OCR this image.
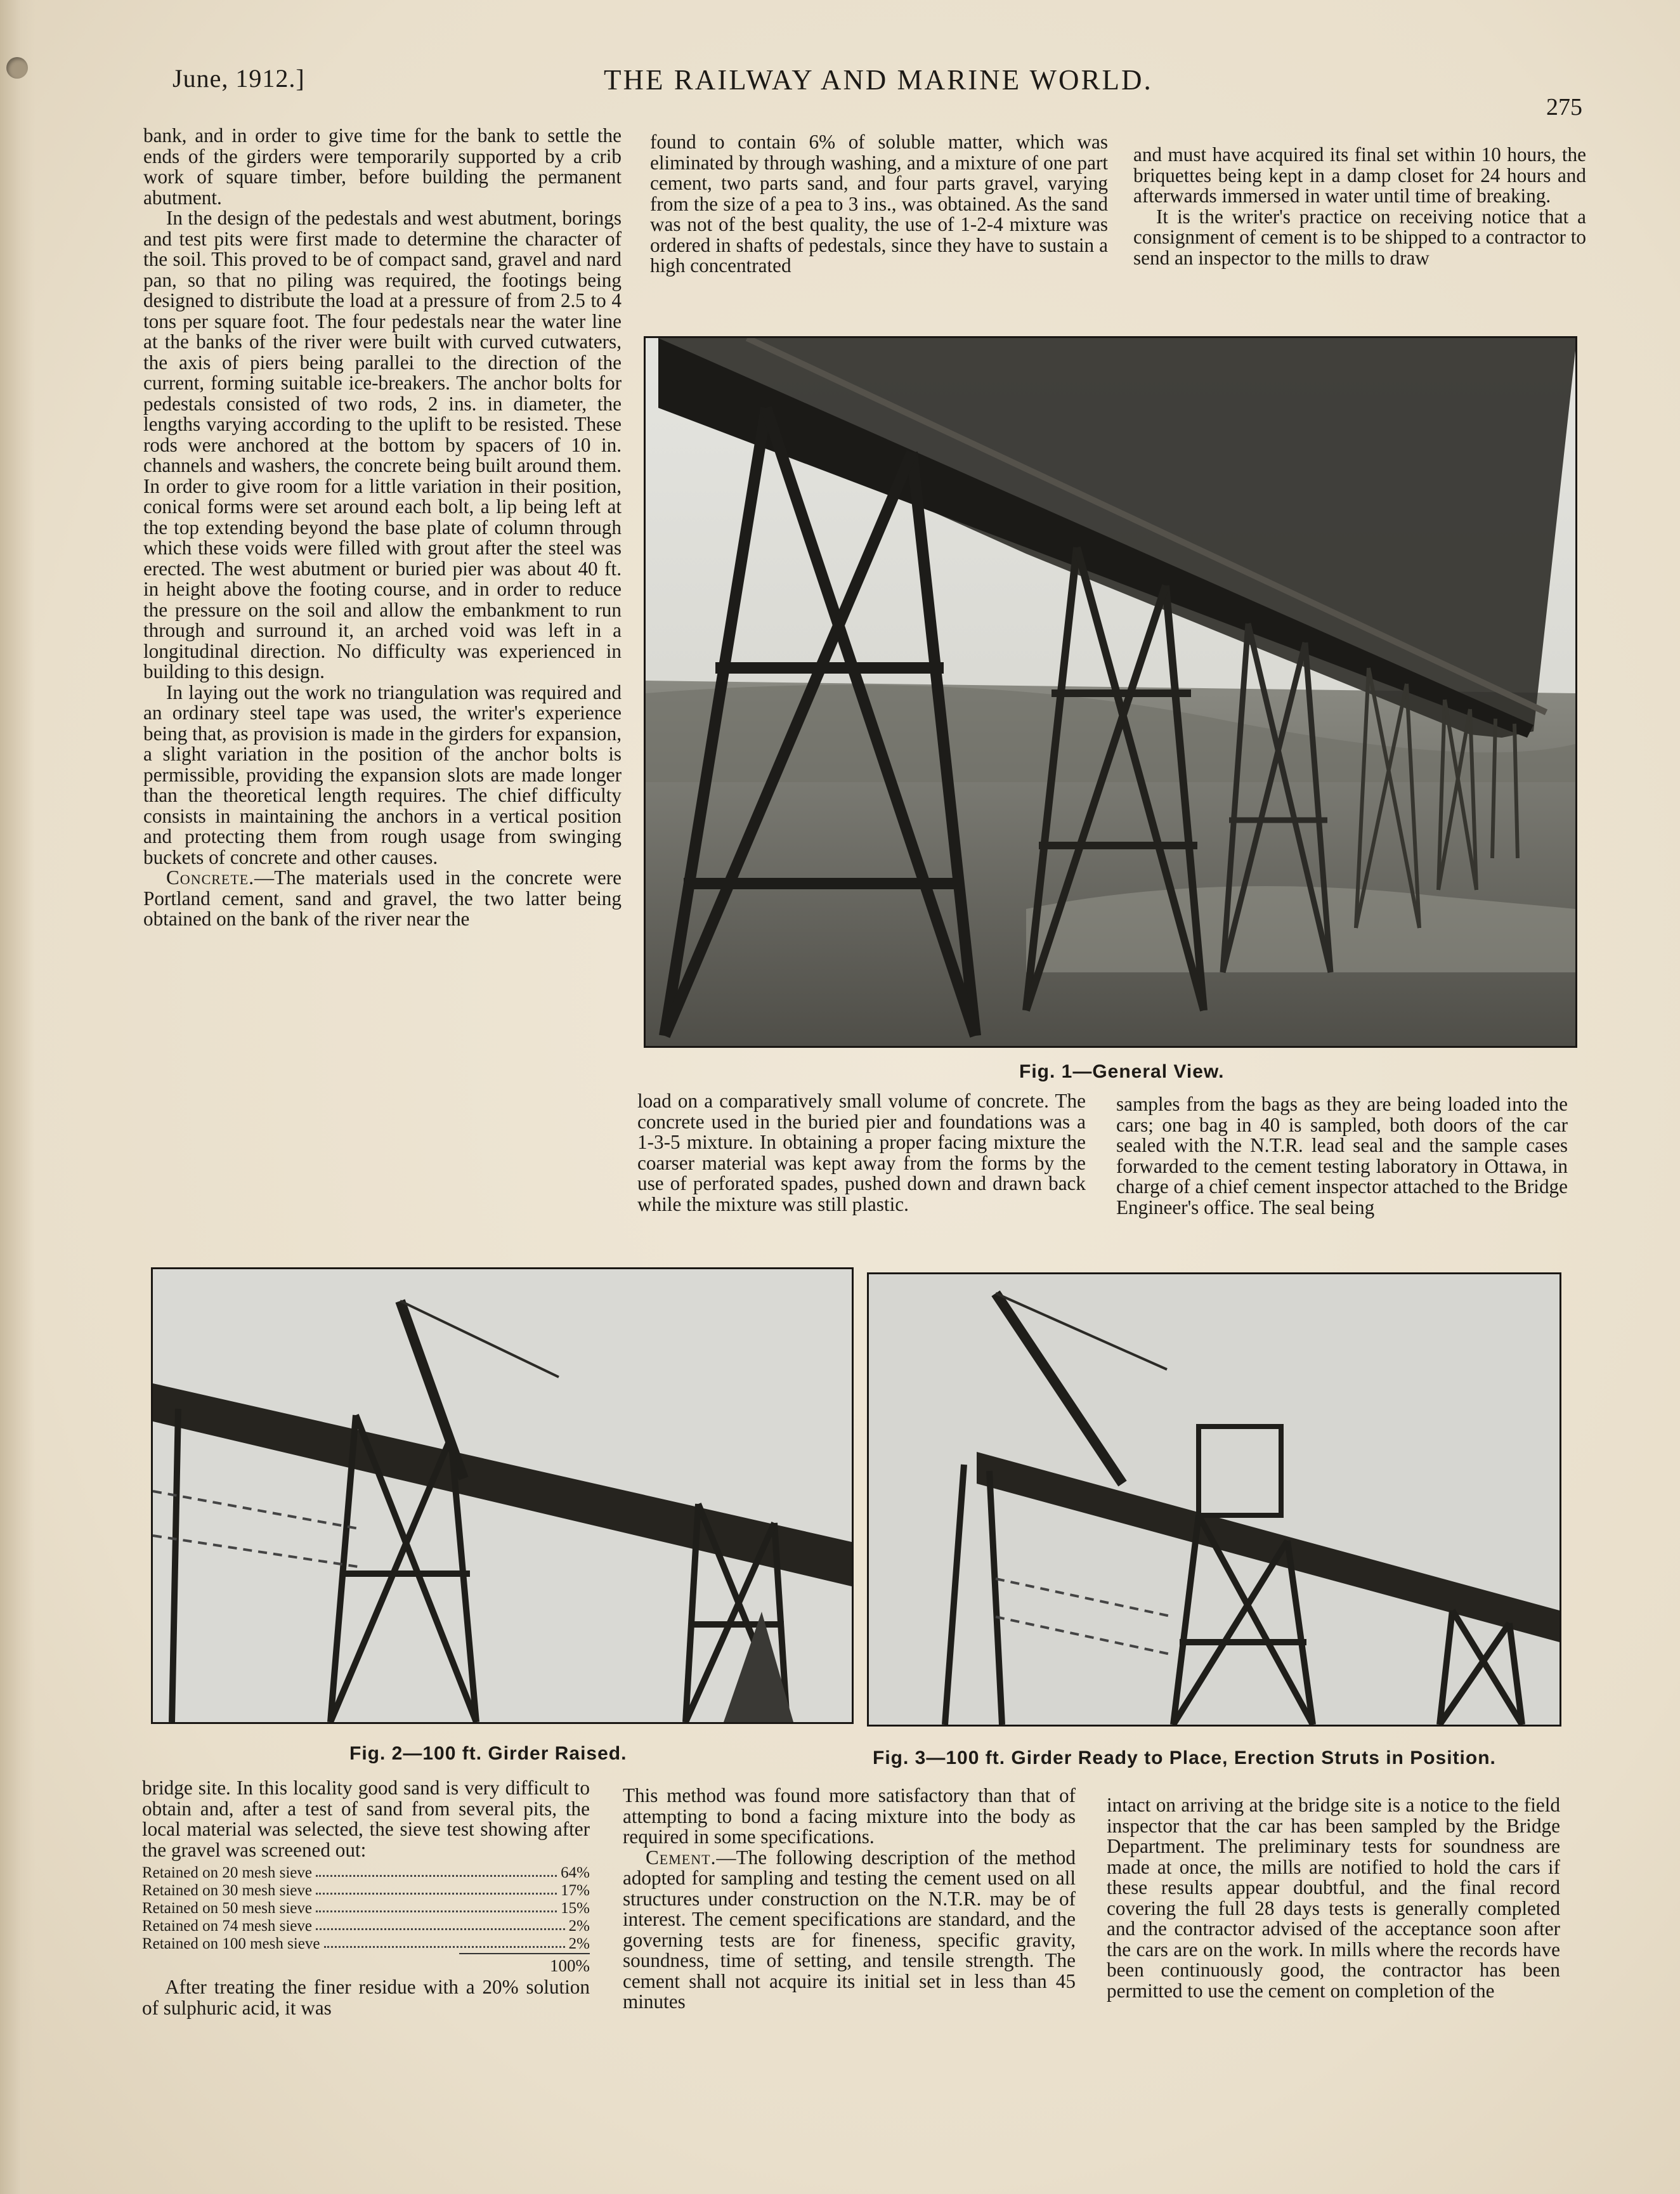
June, 1912.]	THE RAILWAY AND MARINE WORLD.
275

bank, and in order to give time for the bank to settle the ends of the girders were temporarily supported by a crib work of square timber, before building the permanent abutment.

In the design of the pedestals and west abutment, borings and test pits were first made to determine the character of the soil. This proved to be of compact sand, gravel and nard pan, so that no piling was required, the footings being designed to distribute the load at a pressure of from 2.5 to 4 tons per square foot. The four pedestals near the water line at the banks of the river were built with curved cutwaters, the axis of piers being parallei to the direction of the current, forming suitable ice-breakers. The anchor bolts for pedestals consisted of two rods, 2 ins. in diameter, the lengths varying according to the uplift to be resisted. These rods were anchored at the bottom by spacers of 10 in. channels and washers, the concrete being built around them. In order to give room for a little variation in their position, conical forms were set around each bolt, a lip being left at the top extending beyond the base plate of column through which these voids were filled with grout after the steel was erected. The west abutment or buried pier was about 40 ft. in height above the footing course, and in order to reduce the pressure on the soil and allow the embankment to run through and surround it, an arched void was left in a longitudinal direction. No difficulty was experienced in building to this design.

In laying out the work no triangulation was required and an ordinary steel tape was used, the writer's experience being that, as provision is made in the girders for expansion, a slight variation in the position of the anchor bolts is permissible, providing the expansion slots are made longer than the theoretical length requires. The chief difficulty consists in maintaining the anchors in a vertical position and protecting them from rough usage from swinging buckets of concrete and other causes.

Concrete.—The materials used in the concrete were Portland cement, sand and gravel, the two latter being obtained on the bank of the river near the

found to contain 6% of soluble matter, which was eliminated by through washing, and a mixture of one part cement, two parts sand, and four parts gravel, varying from the size of a pea to 3 ins., was obtained. As the sand was not of the best quality, the use of 1-2-4 mixture was ordered in shafts of pedestals, since they have to sustain a high concentrated

and must have acquired its final set within 10 hours, the briquettes being kept in a damp closet for 24 hours and afterwards immersed in water until time of breaking.

It is the writer's practice on receiving notice that a consignment of cement is to be shipped to a contractor to send an inspector to the mills to draw

Fig. 1—General View.

load on a comparatively small volume of concrete. The concrete used in the buried pier and foundations was a 1-3-5 mixture. In obtaining a proper facing mixture the coarser material was kept away from the forms by the use of perforated spades, pushed down and drawn back while the mixture was still plastic.

samples from the bags as they are being loaded into the cars; one bag in 40 is sampled, both doors of the car sealed with the N.T.R. lead seal and the sample cases forwarded to the cement testing laboratory in Ottawa, in charge of a chief cement inspector attached to the Bridge Engineer's office. The seal being

Fig. 2—100 ft. Girder Raised.	Fig. 3—100 ft. Girder Ready to Place, Erection Struts in Position.

bridge site. In this locality good sand is very difficult to obtain and, after a test of sand from several pits, the local material was selected, the sieve test showing after the gravel was screened out:

Retained on 20 mesh sieve	64%
Retained on 30 mesh sieve	17%
Retained on 50 mesh sieve	15%
Retained on 74 mesh sieve	2%
Retained on 100 mesh sieve	2%
100%

After treating the finer residue with a 20% solution of sulphuric acid, it was

This method was found more satisfactory than that of attempting to bond a facing mixture into the body as required in some specifications.

Cement.—The following description of the method adopted for sampling and testing the cement used on all structures under construction on the N.T.R. may be of interest. The cement specifications are standard, and the governing tests are for fineness, specific gravity, soundness, time of setting, and tensile strength. The cement shall not acquire its initial set in less than 45 minutes

intact on arriving at the bridge site is a notice to the field inspector that the car has been sampled by the Bridge Department. The preliminary tests for soundness are made at once, the mills are notified to hold the cars if these results appear doubtful, and the final record covering the full 28 days tests is generally completed and the contractor advised of the acceptance soon after the cars are on the work. In mills where the records have been continuously good, the contractor has been permitted to use the cement on completion of the
